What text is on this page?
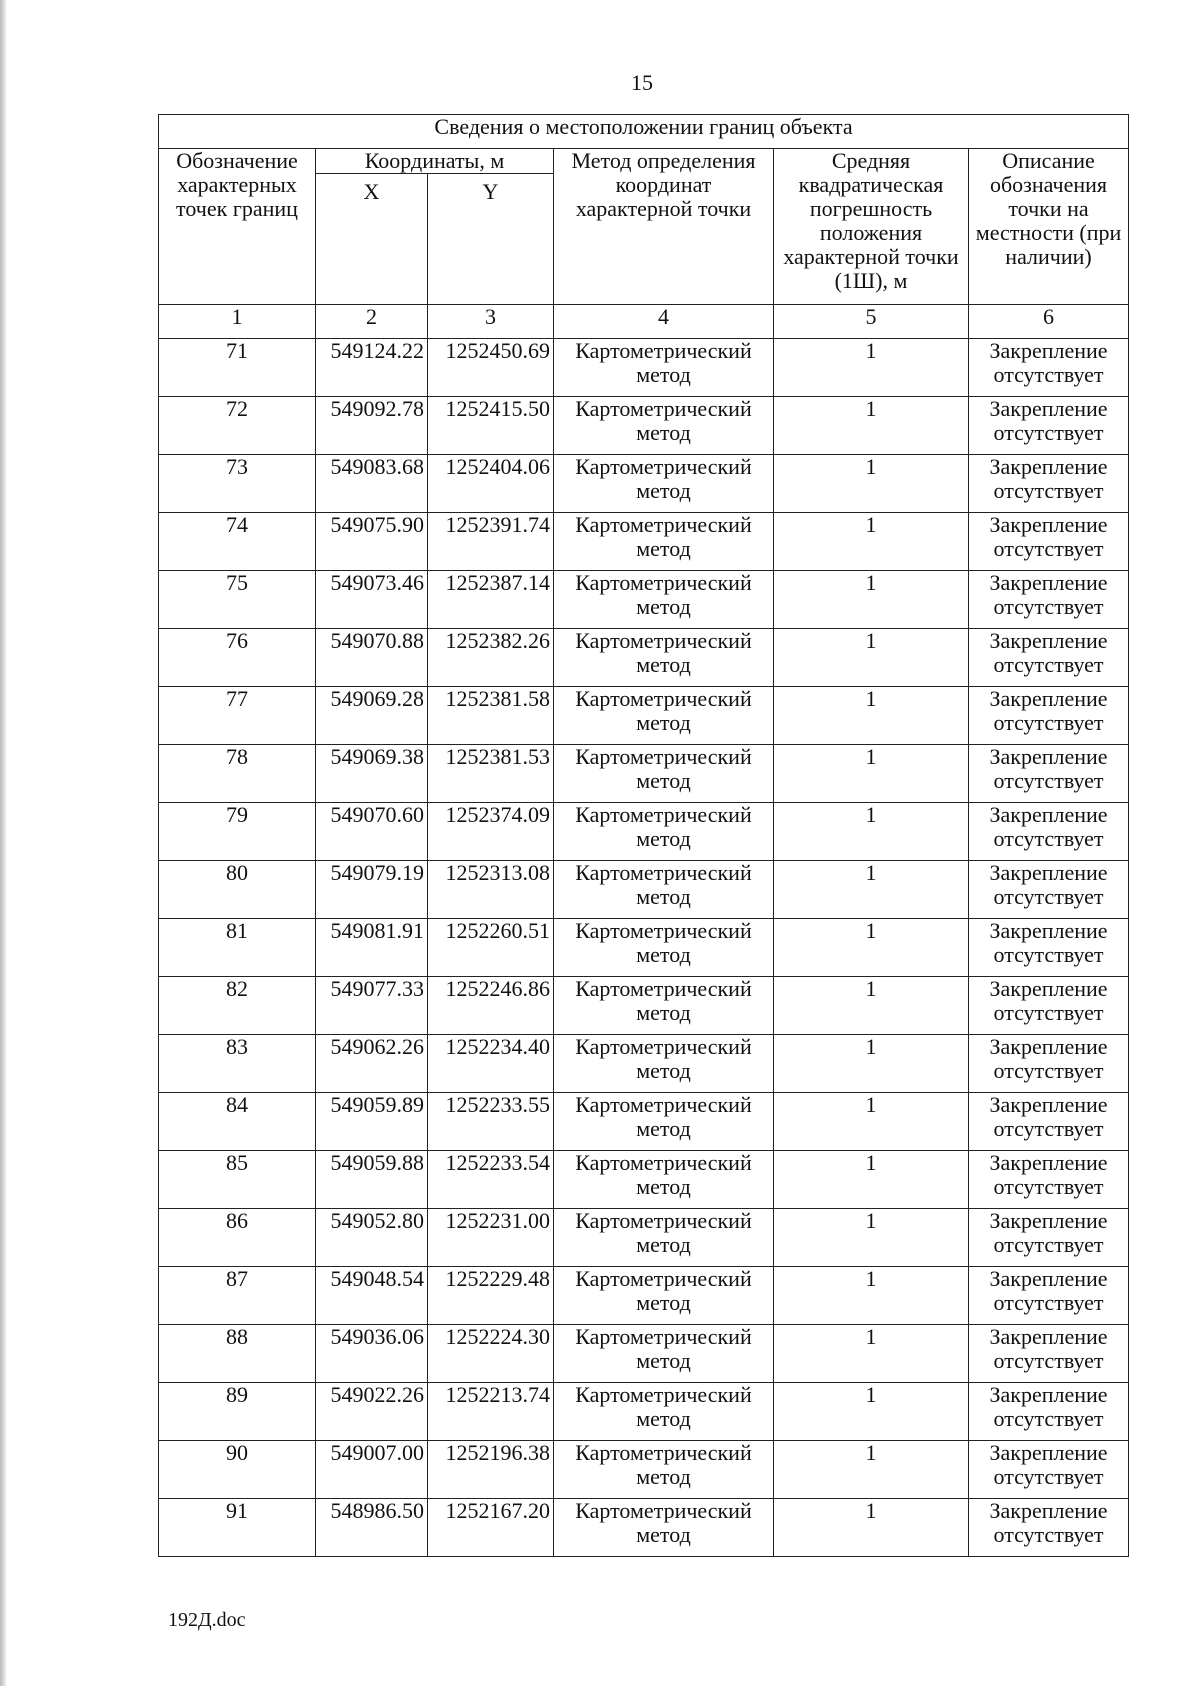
15
Сведения о местоположении границ объекта					
Обозначение характерных точек границ	Координаты, м		Метод определения координат характерной точки	Средняя квадратическая погрешность положения характерной точки (1Ш), м	Описание обозначения точки на местности (при наличии)
	X	Y			
1	2	3	4	5	6
71	549124.22	1252450.69	Картометрический метод	1	Закрепление отсутствует
72	549092.78	1252415.50	Картометрический метод	1	Закрепление отсутствует
73	549083.68	1252404.06	Картометрический метод	1	Закрепление отсутствует
74	549075.90	1252391.74	Картометрический метод	1	Закрепление отсутствует
75	549073.46	1252387.14	Картометрический метод	1	Закрепление отсутствует
76	549070.88	1252382.26	Картометрический метод	1	Закрепление отсутствует
77	549069.28	1252381.58	Картометрический метод	1	Закрепление отсутствует
78	549069.38	1252381.53	Картометрический метод	1	Закрепление отсутствует
79	549070.60	1252374.09	Картометрический метод	1	Закрепление отсутствует
80	549079.19	1252313.08	Картометрический метод	1	Закрепление отсутствует
81	549081.91	1252260.51	Картометрический метод	1	Закрепление отсутствует
82	549077.33	1252246.86	Картометрический метод	1	Закрепление отсутствует
83	549062.26	1252234.40	Картометрический метод	1	Закрепление отсутствует
84	549059.89	1252233.55	Картометрический метод	1	Закрепление отсутствует
85	549059.88	1252233.54	Картометрический метод	1	Закрепление отсутствует
86	549052.80	1252231.00	Картометрический метод	1	Закрепление отсутствует
87	549048.54	1252229.48	Картометрический метод	1	Закрепление отсутствует
88	549036.06	1252224.30	Картометрический метод	1	Закрепление отсутствует
89	549022.26	1252213.74	Картометрический метод	1	Закрепление отсутствует
90	549007.00	1252196.38	Картометрический метод	1	Закрепление отсутствует
91	548986.50	1252167.20	Картометрический метод	1	Закрепление отсутствует
192Д.doc
